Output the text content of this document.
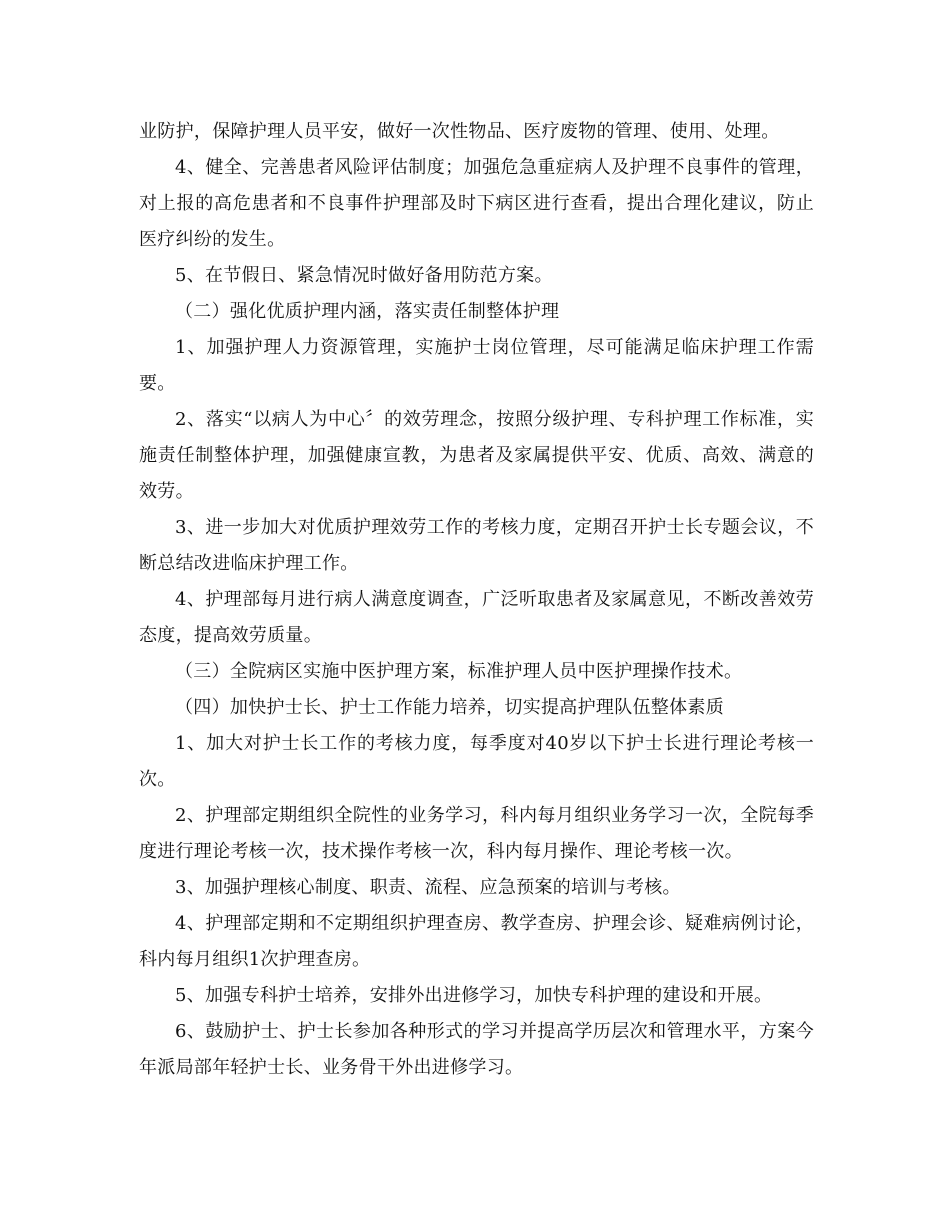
业防护，保障护理人员平安，做好一次性物品、医疗废物的管理、使用、处理。

4、健全、完善患者风险评估制度；加强危急重症病人及护理不良事件的管理，对上报的高危患者和不良事件护理部及时下病区进行查看，提出合理化建议，防止医疗纠纷的发生。

5、在节假日、紧急情况时做好备用防范方案。

（二）强化优质护理内涵，落实责任制整体护理

1、加强护理人力资源管理，实施护士岗位管理，尽可能满足临床护理工作需要。

2、落实“以病人为中心〞的效劳理念，按照分级护理、专科护理工作标准，实施责任制整体护理，加强健康宣教，为患者及家属提供平安、优质、高效、满意的效劳。

3、进一步加大对优质护理效劳工作的考核力度，定期召开护士长专题会议，不断总结改进临床护理工作。

4、护理部每月进行病人满意度调查，广泛听取患者及家属意见，不断改善效劳态度，提高效劳质量。

（三）全院病区实施中医护理方案，标准护理人员中医护理操作技术。

（四）加快护士长、护士工作能力培养，切实提高护理队伍整体素质

1、加大对护士长工作的考核力度，每季度对40岁以下护士长进行理论考核一次。

2、护理部定期组织全院性的业务学习，科内每月组织业务学习一次，全院每季度进行理论考核一次，技术操作考核一次，科内每月操作、理论考核一次。

3、加强护理核心制度、职责、流程、应急预案的培训与考核。

4、护理部定期和不定期组织护理查房、教学查房、护理会诊、疑难病例讨论，科内每月组织1次护理查房。

5、加强专科护士培养，安排外出进修学习，加快专科护理的建设和开展。

6、鼓励护士、护士长参加各种形式的学习并提高学历层次和管理水平，方案今年派局部年轻护士长、业务骨干外出进修学习。
